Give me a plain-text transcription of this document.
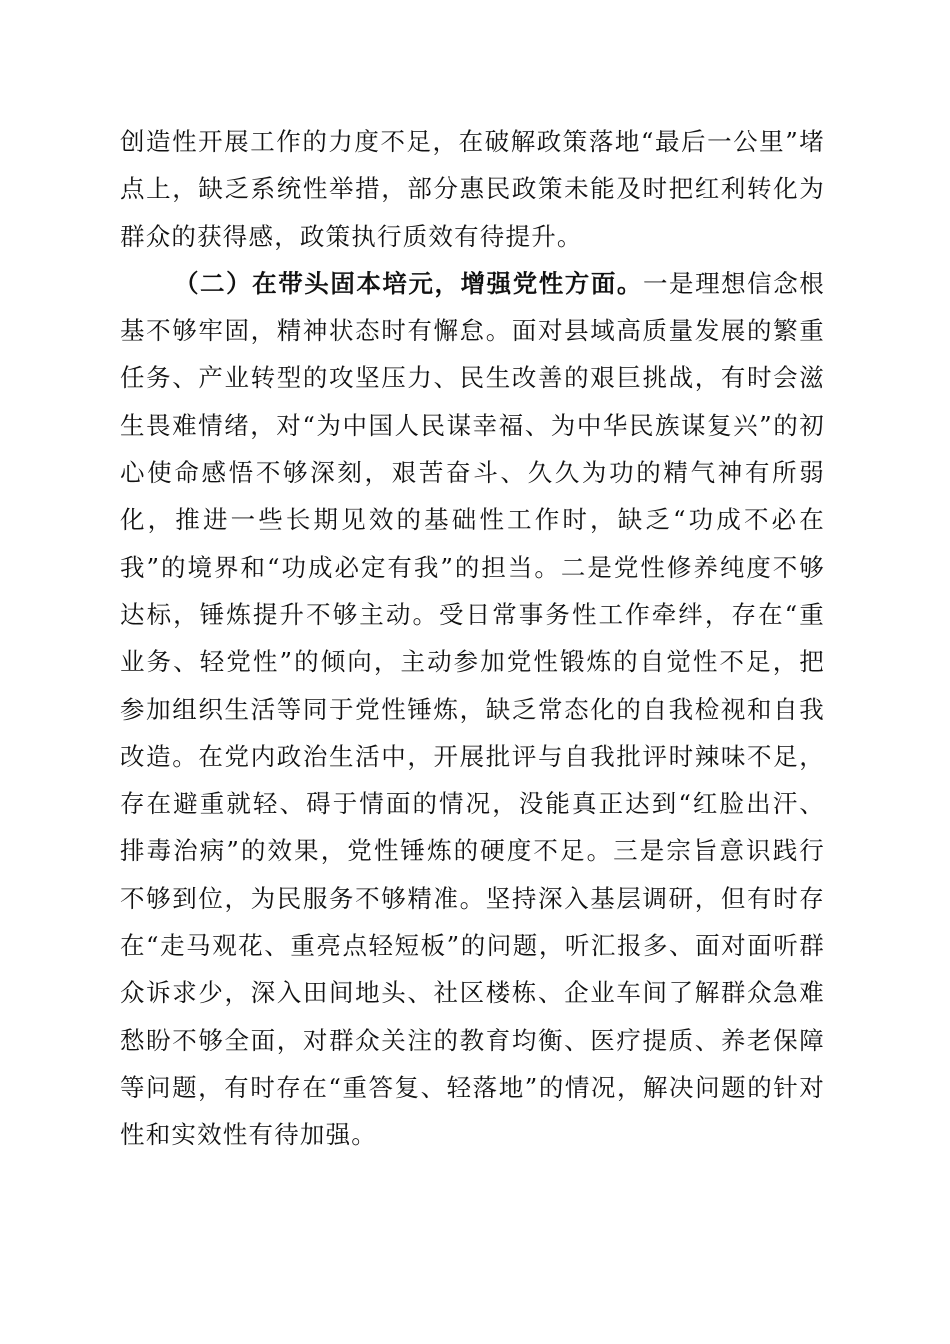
创造性开展工作的力度不足，在破解政策落地“最后一公里”堵点上，缺乏系统性举措，部分惠民政策未能及时把红利转化为群众的获得感，政策执行质效有待提升。

（二）在带头固本培元，增强党性方面。一是理想信念根基不够牢固，精神状态时有懈怠。面对县域高质量发展的繁重任务、产业转型的攻坚压力、民生改善的艰巨挑战，有时会滋生畏难情绪，对“为中国人民谋幸福、为中华民族谋复兴”的初心使命感悟不够深刻，艰苦奋斗、久久为功的精气神有所弱化，推进一些长期见效的基础性工作时，缺乏“功成不必在我”的境界和“功成必定有我”的担当。二是党性修养纯度不够达标，锤炼提升不够主动。受日常事务性工作牵绊，存在“重业务、轻党性”的倾向，主动参加党性锻炼的自觉性不足，把参加组织生活等同于党性锤炼，缺乏常态化的自我检视和自我改造。在党内政治生活中，开展批评与自我批评时辣味不足，存在避重就轻、碍于情面的情况，没能真正达到“红脸出汗、排毒治病”的效果，党性锤炼的硬度不足。三是宗旨意识践行不够到位，为民服务不够精准。坚持深入基层调研，但有时存在“走马观花、重亮点轻短板”的问题，听汇报多、面对面听群众诉求少，深入田间地头、社区楼栋、企业车间了解群众急难愁盼不够全面，对群众关注的教育均衡、医疗提质、养老保障等问题，有时存在“重答复、轻落地”的情况，解决问题的针对性和实效性有待加强。
